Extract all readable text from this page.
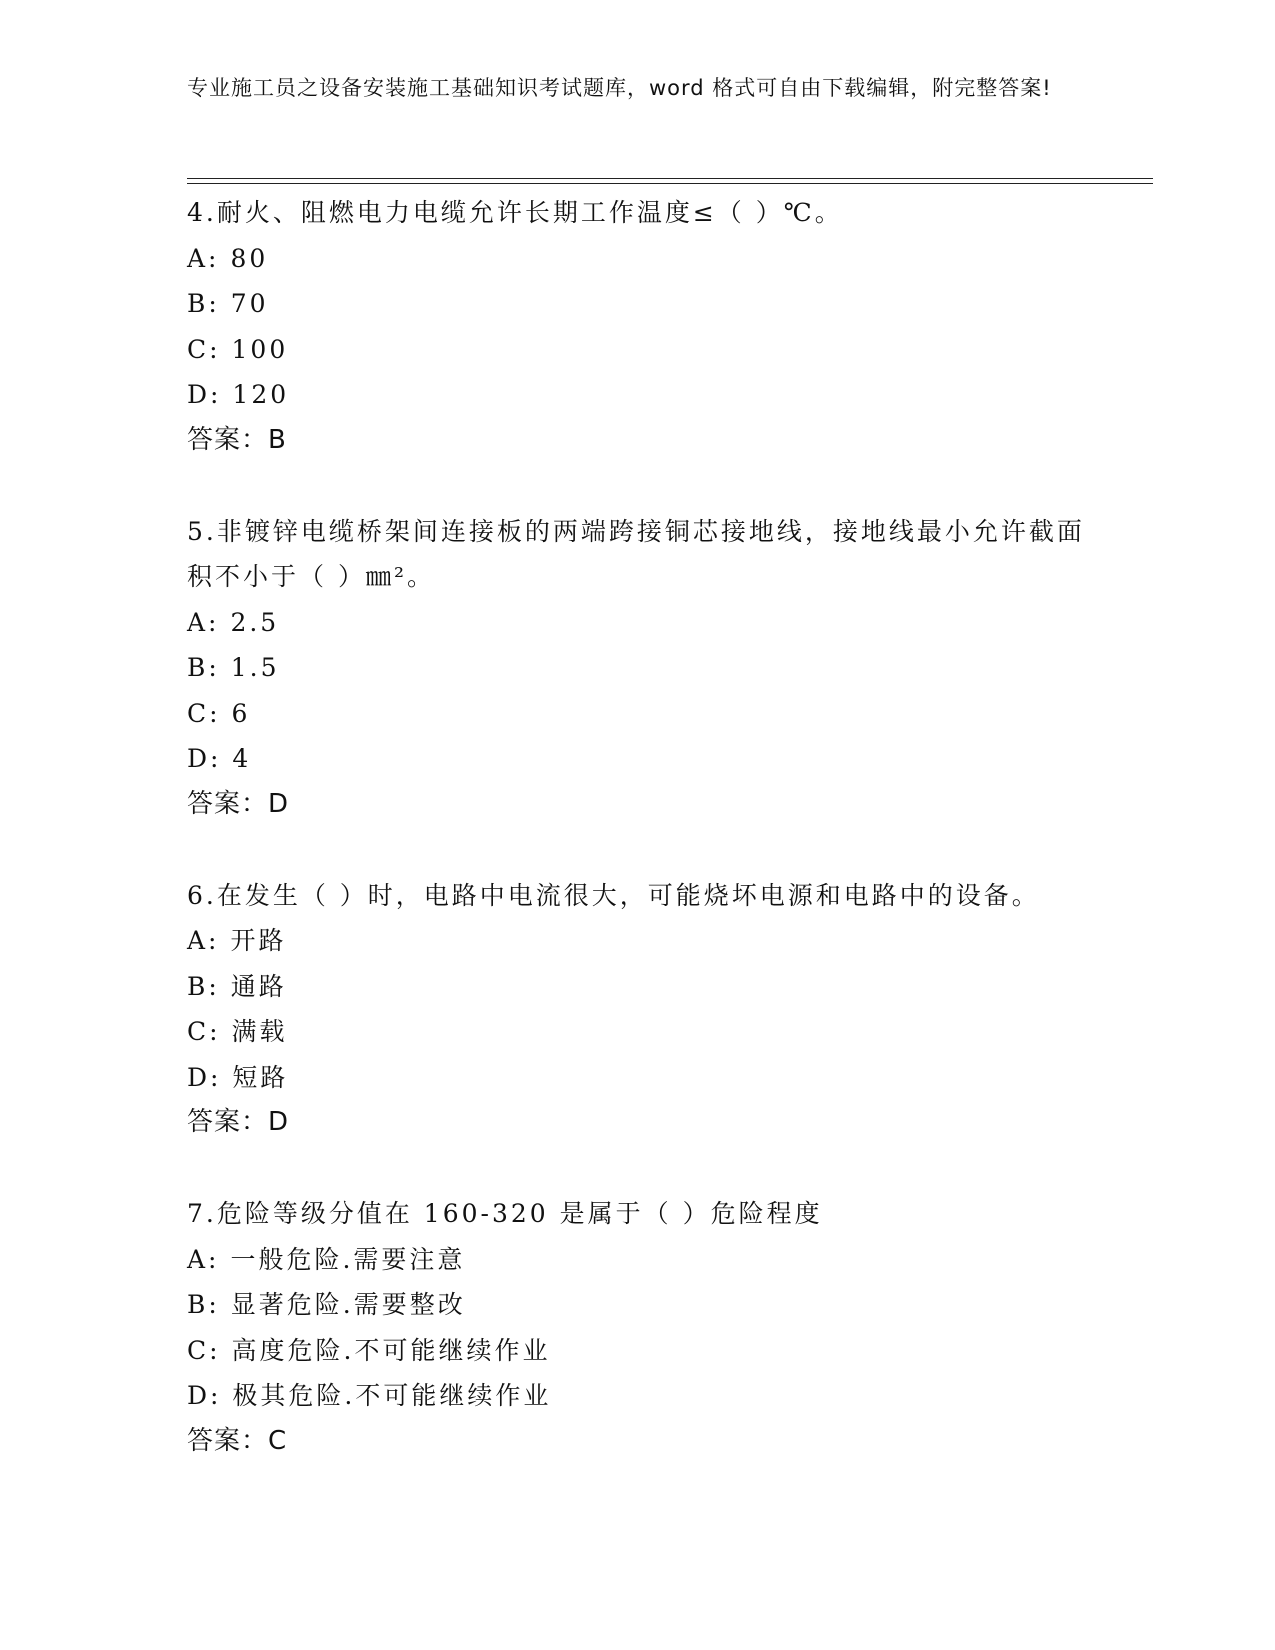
专业施工员之设备安装施工基础知识考试题库，word 格式可自由下载编辑，附完整答案!
4.耐火、阻燃电力电缆允许长期工作温度≤（ ）℃。
A: 80
B: 70
C: 100
D: 120
答案：B
5.非镀锌电缆桥架间连接板的两端跨接铜芯接地线，接地线最小允许截面积不小于（ ）㎜²。
A: 2.5
B: 1.5
C: 6
D: 4
答案：D
6.在发生（ ）时，电路中电流很大，可能烧坏电源和电路中的设备。
A: 开路
B: 通路
C: 满载
D: 短路
答案：D
7.危险等级分值在 160-320 是属于（ ）危险程度
A: 一般危险.需要注意
B: 显著危险.需要整改
C: 高度危险.不可能继续作业
D: 极其危险.不可能继续作业
答案：C
